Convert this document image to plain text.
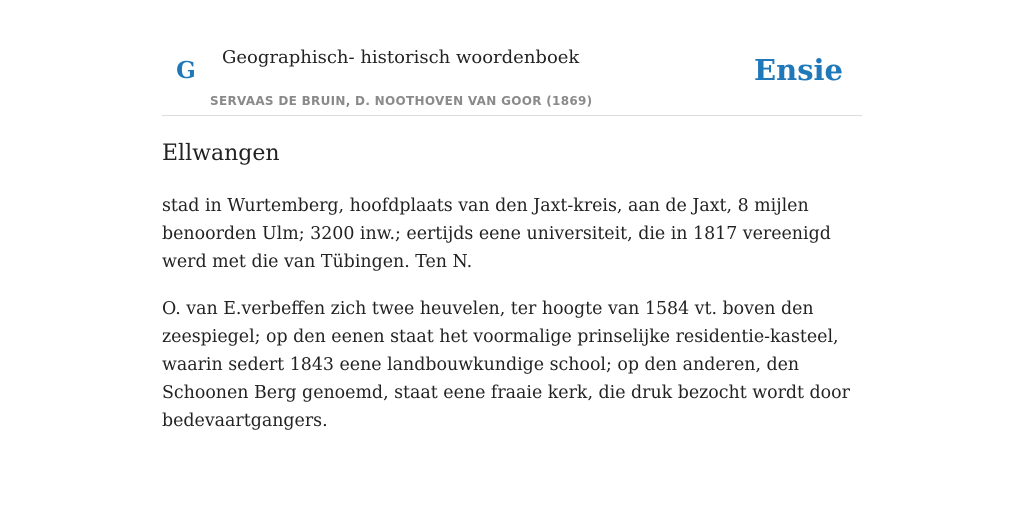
G	Geographisch- historisch woordenboek
SERVAAS DE BRUIN, D. NOOTHOVEN VAN GOOR (1869)
Ensie
Ellwangen

stad in Wurtemberg, hoofdplaats van den Jaxt-kreis, aan de Jaxt, 8 mijlen benoorden Ulm; 3200 inw.; eertijds eene universiteit, die in 1817 vereenigd werd met die van Tübingen. Ten N.

O. van E.verbeffen zich twee heuvelen, ter hoogte van 1584 vt. boven den zeespiegel; op den eenen staat het voormalige prinselijke residentie-kasteel, waarin sedert 1843 eene landbouwkundige school; op den anderen, den Schoonen Berg genoemd, staat eene fraaie kerk, die druk bezocht wordt door bedevaartgangers.
